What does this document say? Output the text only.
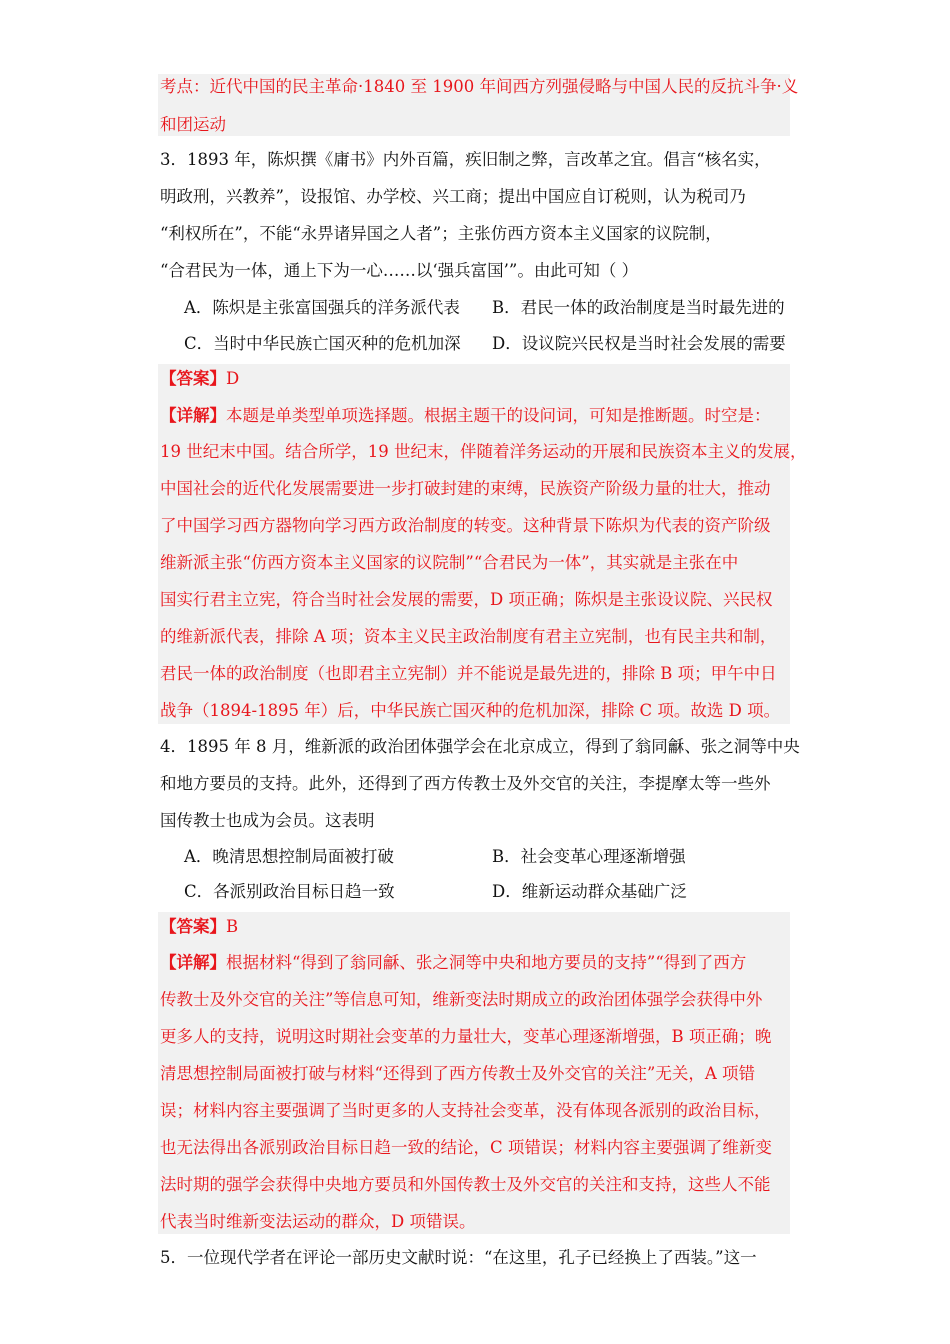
考点：近代中国的民主革命·1840 至 1900 年间西方列强侵略与中国人民的反抗斗争·义
和团运动
3．1893 年，陈炽撰《庸书》内外百篇，疾旧制之弊，言改革之宜。倡言“核名实，
明政刑，兴教养”，设报馆、办学校、兴工商；提出中国应自订税则，认为税司乃
“利权所在”，不能“永畀诸异国之人者”；主张仿西方资本主义国家的议院制，
“合君民为一体，通上下为一心……以‘强兵富国’”。由此可知（ ）
A．陈炽是主张富国强兵的洋务派代表 B．君民一体的政治制度是当时最先进的
C．当时中华民族亡国灭种的危机加深 D．设议院兴民权是当时社会发展的需要
【答案】D
【详解】本题是单类型单项选择题。根据主题干的设问词，可知是推断题。时空是：
19 世纪末中国。结合所学，19 世纪末，伴随着洋务运动的开展和民族资本主义的发展，
中国社会的近代化发展需要进一步打破封建的束缚，民族资产阶级力量的壮大，推动
了中国学习西方器物向学习西方政治制度的转变。这种背景下陈炽为代表的资产阶级
维新派主张“仿西方资本主义国家的议院制”“合君民为一体”，其实就是主张在中
国实行君主立宪，符合当时社会发展的需要，D 项正确；陈炽是主张设议院、兴民权
的维新派代表，排除 A 项；资本主义民主政治制度有君主立宪制，也有民主共和制，
君民一体的政治制度（也即君主立宪制）并不能说是最先进的，排除 B 项；甲午中日
战争（1894-1895 年）后，中华民族亡国灭种的危机加深，排除 C 项。故选 D 项。
4．1895 年 8 月，维新派的政治团体强学会在北京成立，得到了翁同龢、张之洞等中央
和地方要员的支持。此外，还得到了西方传教士及外交官的关注，李提摩太等一些外
国传教士也成为会员。这表明
A．晚清思想控制局面被打破	B．社会变革心理逐渐增强
C．各派别政治目标日趋一致	D．维新运动群众基础广泛
【答案】B
【详解】根据材料“得到了翁同龢、张之洞等中央和地方要员的支持”“得到了西方
传教士及外交官的关注”等信息可知，维新变法时期成立的政治团体强学会获得中外
更多人的支持，说明这时期社会变革的力量壮大，变革心理逐渐增强，B 项正确；晚
清思想控制局面被打破与材料“还得到了西方传教士及外交官的关注”无关，A 项错
误；材料内容主要强调了当时更多的人支持社会变革，没有体现各派别的政治目标，
也无法得出各派别政治目标日趋一致的结论，C 项错误；材料内容主要强调了维新变
法时期的强学会获得中央地方要员和外国传教士及外交官的关注和支持，这些人不能
代表当时维新变法运动的群众，D 项错误。
5．一位现代学者在评论一部历史文献时说：“在这里，孔子已经换上了西装。”这一
